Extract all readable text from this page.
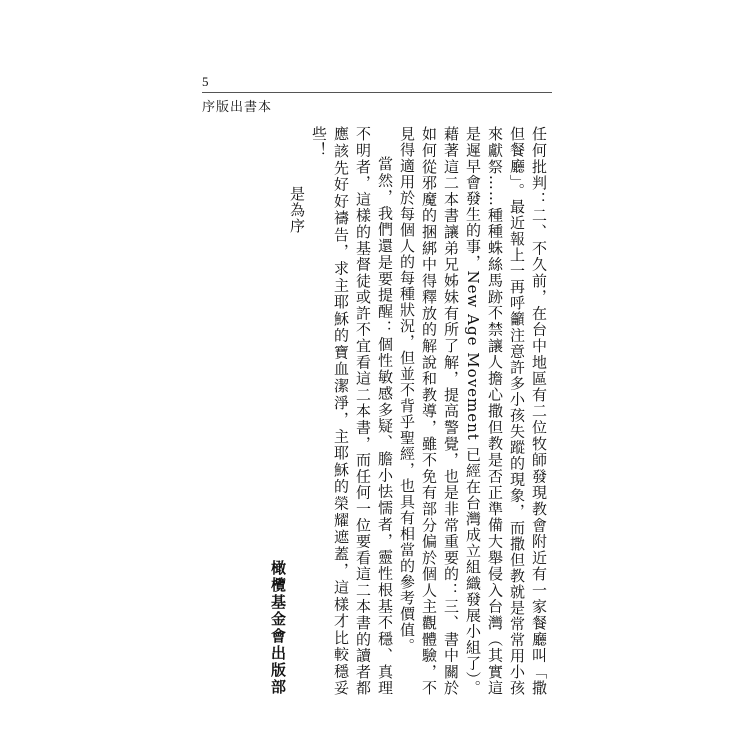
5
序版出書本

任何批判：二、不久前，在台中地區有二位牧師發現教會附近有一家餐廳叫「撒但餐廳」。最近報上一再呼籲注意許多小孩失蹤的現象，而撒但教就是常常用小孩來獻祭……種種蛛絲馬跡不禁讓人擔心撒但教是否正準備大舉侵入台灣（其實這是遲早會發生的事，New Age Movement 已經在台灣成立組織發展小組了）。藉著這二本書讓弟兄姊妹有所了解，提高警覺，也是非常重要的：三、書中關於如何從邪魔的捆綁中得釋放的解說和教導，雖不免有部分偏於個人主觀體驗，不見得適用於每個人的每種狀況，但並不背乎聖經，也具有相當的參考價值。

當然，我們還是要提醒：個性敏感多疑、膽小怯懦者，靈性根基不穩、真理不明者，這樣的基督徒或許不宜看這二本書，而任何一位要看這二本書的讀者都應該先好好禱告，求主耶穌的寶血潔淨，主耶穌的榮耀遮蓋，這樣才比較穩妥些！

是為序

橄欖基金會出版部
